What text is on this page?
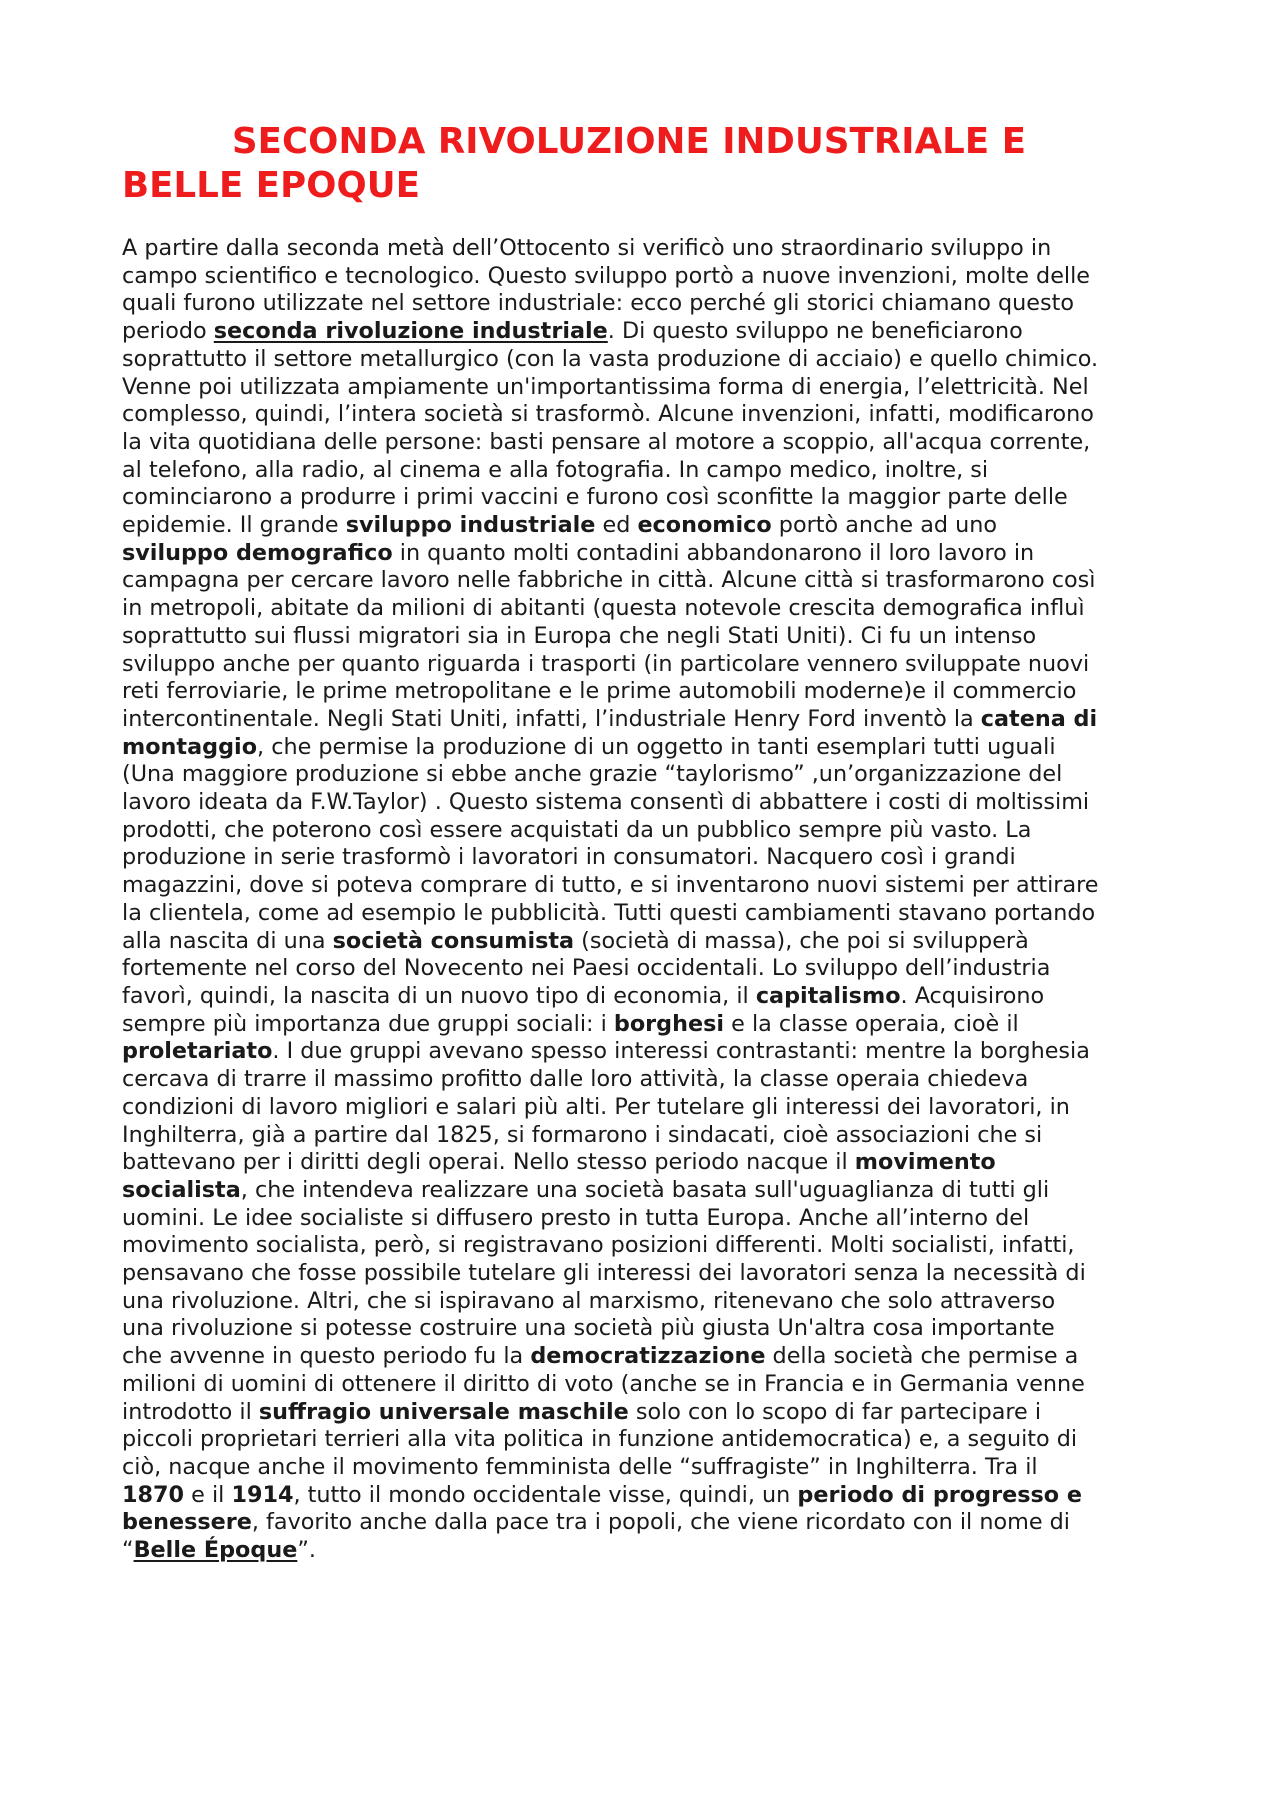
SECONDA RIVOLUZIONE INDUSTRIALE E
BELLE EPOQUE
A partire dalla seconda metà dell’Ottocento si verificò uno straordinario sviluppo in
campo scientifico e tecnologico. Questo sviluppo portò a nuove invenzioni, molte delle
quali furono utilizzate nel settore industriale: ecco perché gli storici chiamano questo
periodo seconda rivoluzione industriale. Di questo sviluppo ne beneficiarono
soprattutto il settore metallurgico (con la vasta produzione di acciaio) e quello chimico.
Venne poi utilizzata ampiamente un'importantissima forma di energia, l’elettricità. Nel
complesso, quindi, l’intera società si trasformò. Alcune invenzioni, infatti, modificarono
la vita quotidiana delle persone: basti pensare al motore a scoppio, all'acqua corrente,
al telefono, alla radio, al cinema e alla fotografia. In campo medico, inoltre, si
cominciarono a produrre i primi vaccini e furono così sconfitte la maggior parte delle
epidemie. Il grande sviluppo industriale ed economico portò anche ad uno
sviluppo demografico in quanto molti contadini abbandonarono il loro lavoro in
campagna per cercare lavoro nelle fabbriche in città. Alcune città si trasformarono così
in metropoli, abitate da milioni di abitanti (questa notevole crescita demografica influì
soprattutto sui flussi migratori sia in Europa che negli Stati Uniti). Ci fu un intenso
sviluppo anche per quanto riguarda i trasporti (in particolare vennero sviluppate nuovi
reti ferroviarie, le prime metropolitane e le prime automobili moderne)e il commercio
intercontinentale. Negli Stati Uniti, infatti, l’industriale Henry Ford inventò la catena di
montaggio, che permise la produzione di un oggetto in tanti esemplari tutti uguali
(Una maggiore produzione si ebbe anche grazie “taylorismo” ,un’organizzazione del
lavoro ideata da F.W.Taylor) . Questo sistema consentì di abbattere i costi di moltissimi
prodotti, che poterono così essere acquistati da un pubblico sempre più vasto. La
produzione in serie trasformò i lavoratori in consumatori. Nacquero così i grandi
magazzini, dove si poteva comprare di tutto, e si inventarono nuovi sistemi per attirare
la clientela, come ad esempio le pubblicità. Tutti questi cambiamenti stavano portando
alla nascita di una società consumista (società di massa), che poi si svilupperà
fortemente nel corso del Novecento nei Paesi occidentali. Lo sviluppo dell’industria
favorì, quindi, la nascita di un nuovo tipo di economia, il capitalismo. Acquisirono
sempre più importanza due gruppi sociali: i borghesi e la classe operaia, cioè il
proletariato. I due gruppi avevano spesso interessi contrastanti: mentre la borghesia
cercava di trarre il massimo profitto dalle loro attività, la classe operaia chiedeva
condizioni di lavoro migliori e salari più alti. Per tutelare gli interessi dei lavoratori, in
Inghilterra, già a partire dal 1825, si formarono i sindacati, cioè associazioni che si
battevano per i diritti degli operai. Nello stesso periodo nacque il movimento
socialista, che intendeva realizzare una società basata sull'uguaglianza di tutti gli
uomini. Le idee socialiste si diffusero presto in tutta Europa. Anche all’interno del
movimento socialista, però, si registravano posizioni differenti. Molti socialisti, infatti,
pensavano che fosse possibile tutelare gli interessi dei lavoratori senza la necessità di
una rivoluzione. Altri, che si ispiravano al marxismo, ritenevano che solo attraverso
una rivoluzione si potesse costruire una società più giusta Un'altra cosa importante
che avvenne in questo periodo fu la democratizzazione della società che permise a
milioni di uomini di ottenere il diritto di voto (anche se in Francia e in Germania venne
introdotto il suffragio universale maschile solo con lo scopo di far partecipare i
piccoli proprietari terrieri alla vita politica in funzione antidemocratica) e, a seguito di
ciò, nacque anche il movimento femminista delle “suffragiste” in Inghilterra. Tra il
1870 e il 1914, tutto il mondo occidentale visse, quindi, un periodo di progresso e
benessere, favorito anche dalla pace tra i popoli, che viene ricordato con il nome di
“Belle Époque”.
